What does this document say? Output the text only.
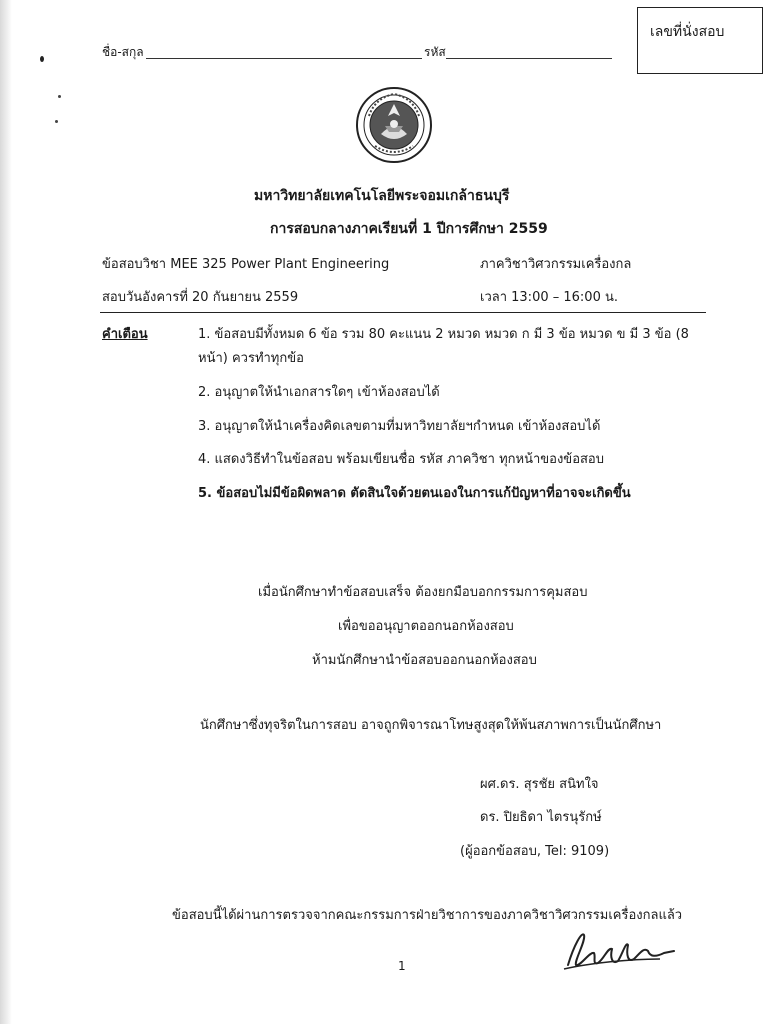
ชื่อ-สกุล	รหัส
เลขที่นั่งสอบ
มหาวิทยาลัยเทคโนโลยีพระจอมเกล้าธนบุรี
การสอบกลางภาคเรียนที่ 1 ปีการศึกษา 2559
ข้อสอบวิชา MEE 325 Power Plant Engineering	ภาควิชาวิศวกรรมเครื่องกล
สอบวันอังคารที่ 20 กันยายน 2559	เวลา 13:00 – 16:00 น.
คำเตือน	1. ข้อสอบมีทั้งหมด 6 ข้อ รวม 80 คะแนน 2 หมวด หมวด ก มี 3 ข้อ หมวด ข มี 3 ข้อ (8
หน้า) ควรทำทุกข้อ
2. อนุญาตให้นำเอกสารใดๆ เข้าห้องสอบได้
3. อนุญาตให้นำเครื่องคิดเลขตามที่มหาวิทยาลัยฯกำหนด เข้าห้องสอบได้
4. แสดงวิธีทำในข้อสอบ พร้อมเขียนชื่อ รหัส ภาควิชา ทุกหน้าของข้อสอบ
5. ข้อสอบไม่มีข้อผิดพลาด ตัดสินใจด้วยตนเองในการแก้ปัญหาที่อาจจะเกิดขึ้น
เมื่อนักศึกษาทำข้อสอบเสร็จ ต้องยกมือบอกกรรมการคุมสอบ
เพื่อขออนุญาตออกนอกห้องสอบ
ห้ามนักศึกษานำข้อสอบออกนอกห้องสอบ
นักศึกษาซึ่งทุจริตในการสอบ อาจถูกพิจารณาโทษสูงสุดให้พ้นสภาพการเป็นนักศึกษา
ผศ.ดร. สุรชัย สนิทใจ
ดร. ปิยธิดา ไตรนุรักษ์
(ผู้ออกข้อสอบ, Tel: 9109)
ข้อสอบนี้ได้ผ่านการตรวจจากคณะกรรมการฝ่ายวิชาการของภาควิชาวิศวกรรมเครื่องกลแล้ว
1
